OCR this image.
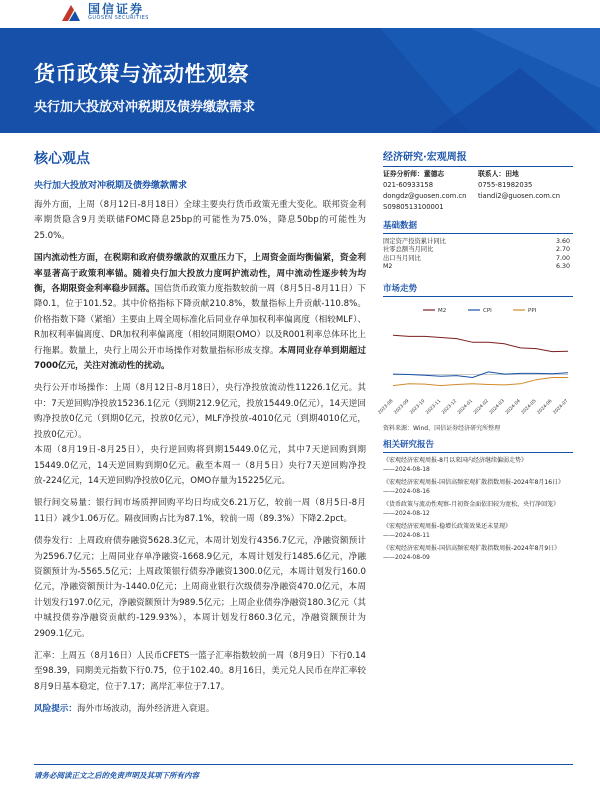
国信证券
GUOSEN SECURITIES
货币政策与流动性观察
央行加大投放对冲税期及债券缴款需求
核心观点
央行加大投放对冲税期及债券缴款需求

海外方面，上周（8月12日-8月18日）全球主要央行货币政策无重大变化。联邦资金利率期货隐含9月美联储FOMC降息25bp的可能性为75.0%，降息50bp的可能性为25.0%。

国内流动性方面，在税期和政府债券缴款的双重压力下，上周资金面均衡偏紧，资金利率显著高于政策利率锚。随着央行加大投放力度呵护流动性，周中流动性逐步转为均衡，各期限资金利率稳步回落。国信货币政策力度指数较前一周（8月5日-8月11日）下降0.1，位于101.52。其中价格指标下降贡献210.8%，数量指标上升贡献-110.8%。价格指数下降（紧缩）主要由上周全周标准化后同业存单加权利率偏离度（相较MLF）、R加权利率偏离度、DR加权利率偏离度（相较同期限OMO）以及R001利率总体环比上行拖累。数量上，央行上周公开市场操作对数量指标形成支撑。本周同业存单到期超过7000亿元，关注对流动性的扰动。

央行公开市场操作：上周（8月12日-8月18日），央行净投放流动性11226.1亿元。其中：7天逆回购净投放15236.1亿元（到期212.9亿元，投放15449.0亿元），14天逆回购净投放0亿元（到期0亿元，投放0亿元），MLF净投放-4010亿元（到期4010亿元，投放0亿元）。

本周（8月19日-8月25日），央行逆回购将到期15449.0亿元，其中7天逆回购到期15449.0亿元，14天逆回购到期0亿元。截至本周一（8月5日）央行7天逆回购净投放-224亿元，14天逆回购净投放0亿元，OMO存量为15225亿元。

银行间交易量：银行间市场质押回购平均日均成交6.21万亿，较前一周（8月5日-8月11日）减少1.06万亿。隔夜回购占比为87.1%，较前一周（89.3%）下降2.2pct。

债券发行：上周政府债券融资5628.3亿元，本周计划发行4356.7亿元，净融资额预计为2596.7亿元；上周同业存单净融资-1668.9亿元，本周计划发行1485.6亿元，净融资额预计为-5565.5亿元；上周政策银行债券净融资1300.0亿元，本周计划发行160.0亿元，净融资额预计为-1440.0亿元；上周商业银行次级债券净融资470.0亿元，本周计划发行197.0亿元，净融资额预计为989.5亿元；上周企业债券净融资180.3亿元（其中城投债券净融资贡献约-129.93%），本周计划发行860.3亿元，净融资额预计为2909.1亿元。

汇率：上周五（8月16日）人民币CFETS一篮子汇率指数较前一周（8月9日）下行0.14至98.39，同期美元指数下行0.75，位于102.40。8月16日，美元兑人民币在岸汇率较8月9日基本稳定，位于7.17；离岸汇率位于7.17。

风险提示：海外市场波动，海外经济进入衰退。

经济研究·宏观周报
证券分析师：董德志	联系人：田地
021-60933158	0755-81982035
dongdz@guosen.com.cn	tiandi2@guosen.com.cn
S0980513100001
基础数据
固定资产投资累计同比	3.60
社零总额当月同比	2.70
出口当月同比	7.00
M2	6.30
市场走势
M2	CPI	PPI
2023-08 2023-09 2023-10 2023-11 2023-12 2024-01 2024-02 2024-03 2024-04 2024-05 2024-06 2024-07
资料来源：Wind、国信证券经济研究所整理
相关研究报告
《宏观经济宏观周报-8月以来国内经济继续偏弱走势》
——2024-08-18
《宏观经济宏观周报-国信高频宏观扩散指数周报-2024年8月16日》
——2024-08-16
《货币政策与流动性观察-月初资金面依旧较为宽松，央行净回笼》
——2024-08-12
《宏观经济宏观周报-稳增长政策效果还未显现》
——2024-08-11
《宏观经济宏观周报-国信高频宏观扩散指数周报-2024年8月9日》
——2024-08-09
请务必阅读正文之后的免责声明及其项下所有内容
